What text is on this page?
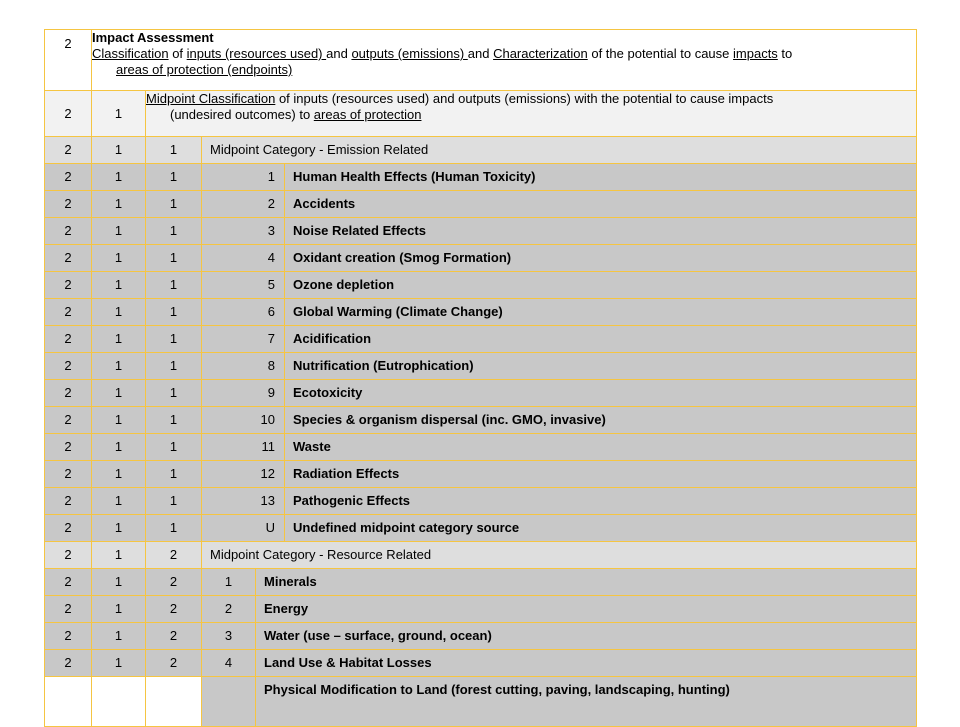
2	Impact Assessment
Classification of inputs (resources used) and outputs (emissions) and Characterization of the potential to cause impacts to
areas of protection (endpoints)				

2	1	Midpoint Classification of inputs (resources used) and outputs (emissions) with the potential to cause impacts
(undesired outcomes) to areas of protection			

2	1	1	Midpoint Category - Emission Related		
2	1	1	1		Human Health Effects (Human Toxicity)
2	1	1	2		Accidents
2	1	1	3		Noise Related Effects
2	1	1	4		Oxidant creation (Smog Formation)
2	1	1	5		Ozone depletion
2	1	1	6		Global Warming (Climate Change)
2	1	1	7		Acidification
2	1	1	8		Nutrification (Eutrophication)
2	1	1	9		Ecotoxicity
2	1	1	10		Species & organism dispersal (inc. GMO, invasive)
2	1	1	11		Waste
2	1	1	12		Radiation Effects
2	1	1	13		Pathogenic Effects
2	1	1	U		Undefined midpoint category source
2	1	2	Midpoint Category - Resource Related		
2	1	2	1	Minerals	
2	1	2	2	Energy	
2	1	2	3	Water (use – surface, ground, ocean)	
2	1	2	4	Land Use & Habitat Losses	
				Physical Modification to Land (forest cutting, paving, landscaping, hunting)	
